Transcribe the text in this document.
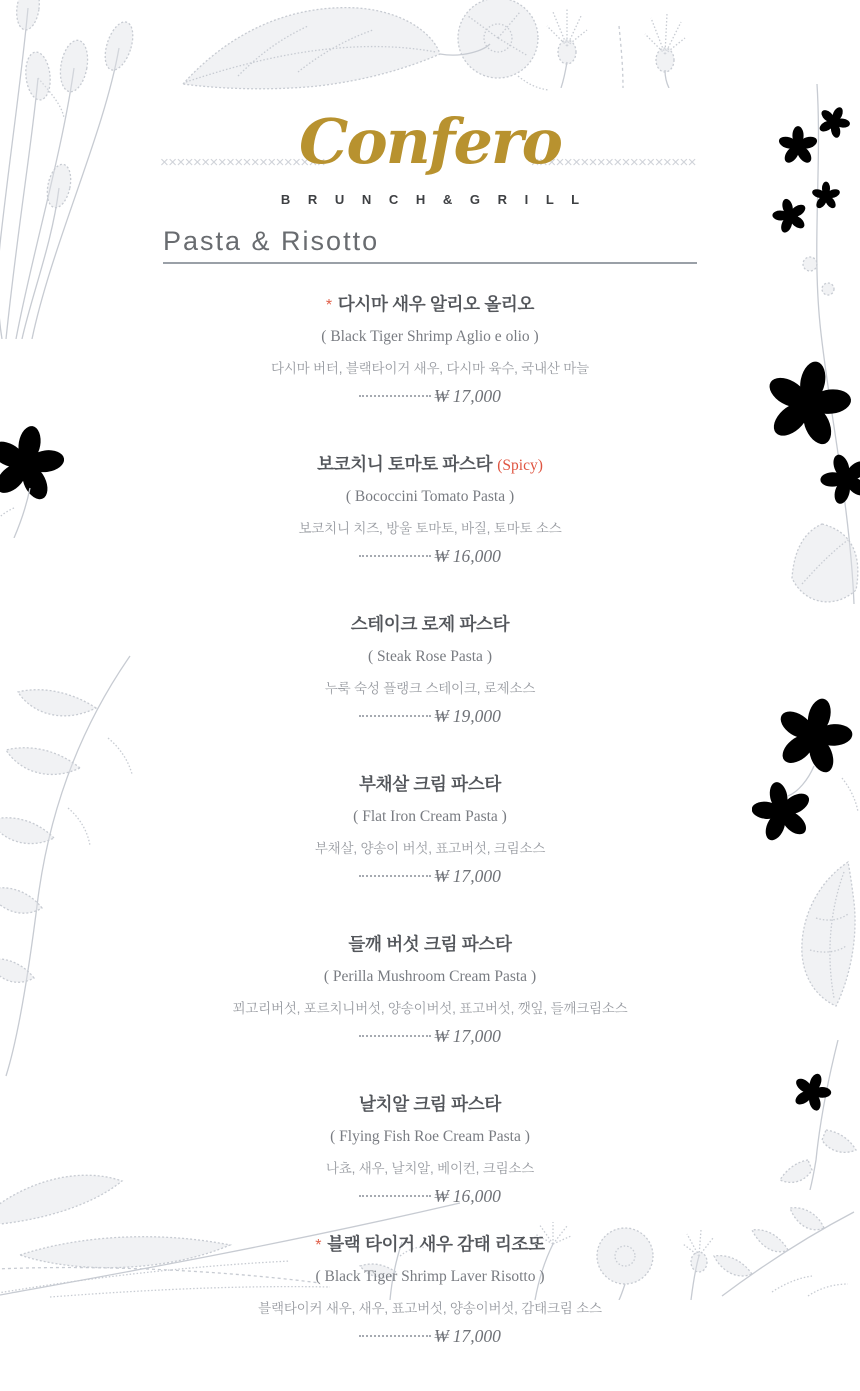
××××××××××××××××××××	××××××××××××××××××××
Confero
B R U N C H & G R I L L
Pasta & Risotto
* 다시마 새우 알리오 올리오
( Black Tiger Shrimp Aglio e olio )
다시마 버터, 블랙타이거 새우, 다시마 육수, 국내산 마늘
₩ 17,000
보코치니 토마토 파스타 (Spicy)
( Bococcini Tomato Pasta )
보코치니 치즈, 방울 토마토, 바질, 토마토 소스
₩ 16,000
스테이크 로제 파스타
( Steak Rose Pasta )
누룩 숙성 플랭크 스테이크, 로제소스
₩ 19,000
부채살 크림 파스타
( Flat Iron Cream Pasta )
부채살, 양송이 버섯, 표고버섯, 크림소스
₩ 17,000
들깨 버섯 크림 파스타
( Perilla Mushroom Cream Pasta )
꾀고리버섯, 포르치니버섯, 양송이버섯, 표고버섯, 깻잎, 들깨크림소스
₩ 17,000
날치알 크림 파스타
( Flying Fish Roe Cream Pasta )
나쵸, 새우, 날치알, 베이컨, 크림소스
₩ 16,000
* 블랙 타이거 새우 감태 리조또
( Black Tiger Shrimp Laver Risotto )
블랙타이커 새우, 새우, 표고버섯, 양송이버섯, 감태크림 소스
₩ 17,000
